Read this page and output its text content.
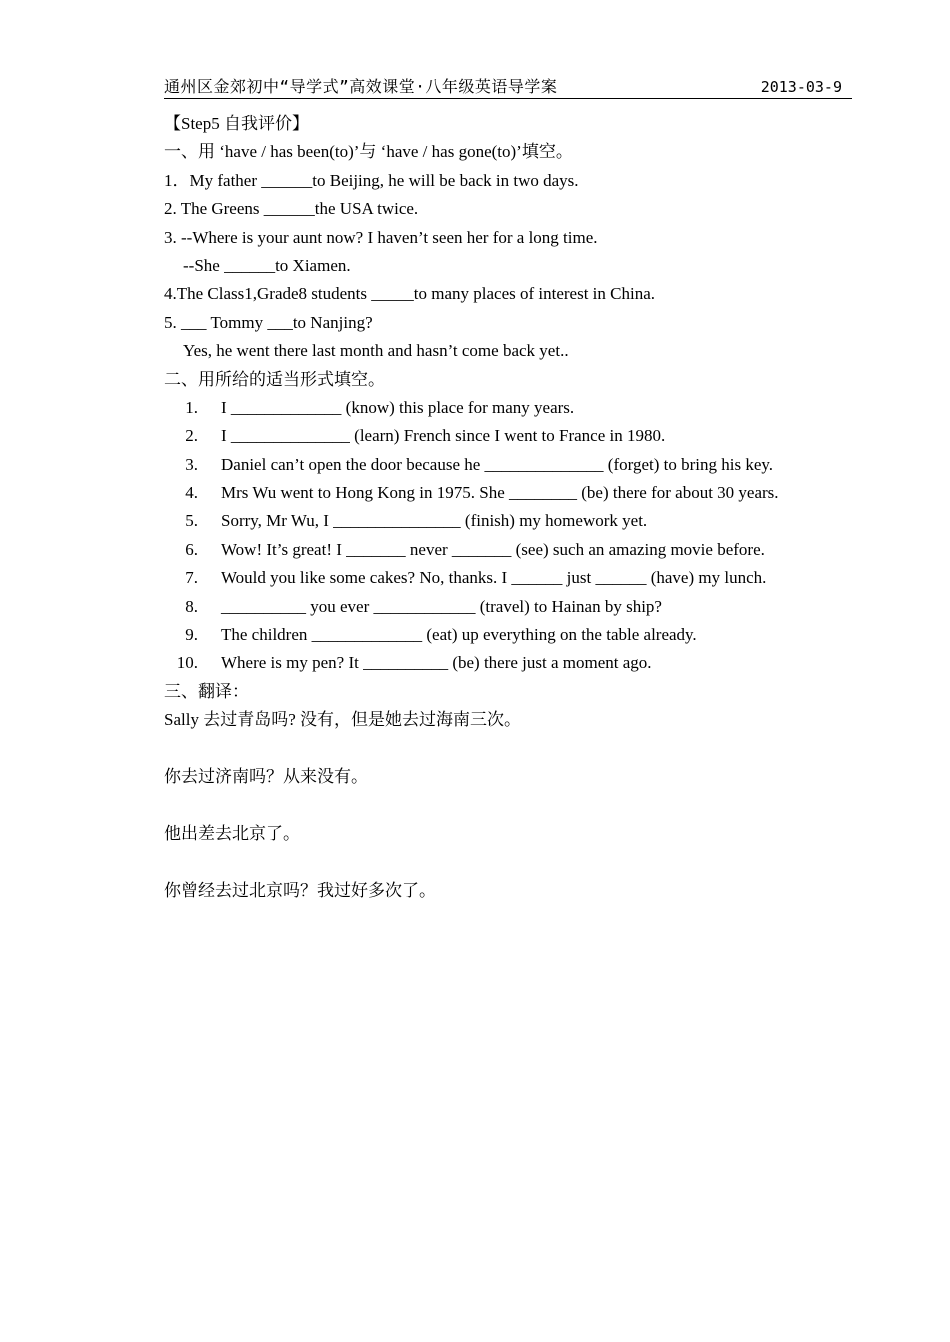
通州区金郊初中“导学式”高效课堂·八年级英语导学案	2013-03-9
【Step5 自我评价】
一、用 ‘have / has been(to)’与 ‘have / has gone(to)’填空。
1．My father ______to Beijing, he will be back in two days.
2. The Greens ______the USA twice.
3. --Where is your aunt now? I haven’t seen her for a long time.
--She ______to Xiamen.
4.The Class1,Grade8 students _____to many places of interest in China.
5. ___ Tommy ___to Nanjing?
Yes, he went there last month and hasn’t come back yet..
二、用所给的适当形式填空。
1. I _____________ (know) this place for many years.
2. I ______________ (learn) French since I went to France in 1980.
3. Daniel can’t open the door because he ______________ (forget) to bring his key.
4. Mrs Wu went to Hong Kong in 1975. She ________ (be) there for about 30 years.
5. Sorry, Mr Wu, I _______________ (finish) my homework yet.
6. Wow! It’s great! I _______ never _______ (see) such an amazing movie before.
7. Would you like some cakes? No, thanks. I ______ just ______ (have) my lunch.
8. __________ you ever ____________ (travel) to Hainan by ship?
9. The children _____________ (eat) up everything on the table already.
10. Where is my pen? It __________ (be) there just a moment ago.
三、翻译：
Sally 去过青岛吗? 没有，但是她去过海南三次。
你去过济南吗？从来没有。
他出差去北京了。
你曾经去过北京吗？我过好多次了。
